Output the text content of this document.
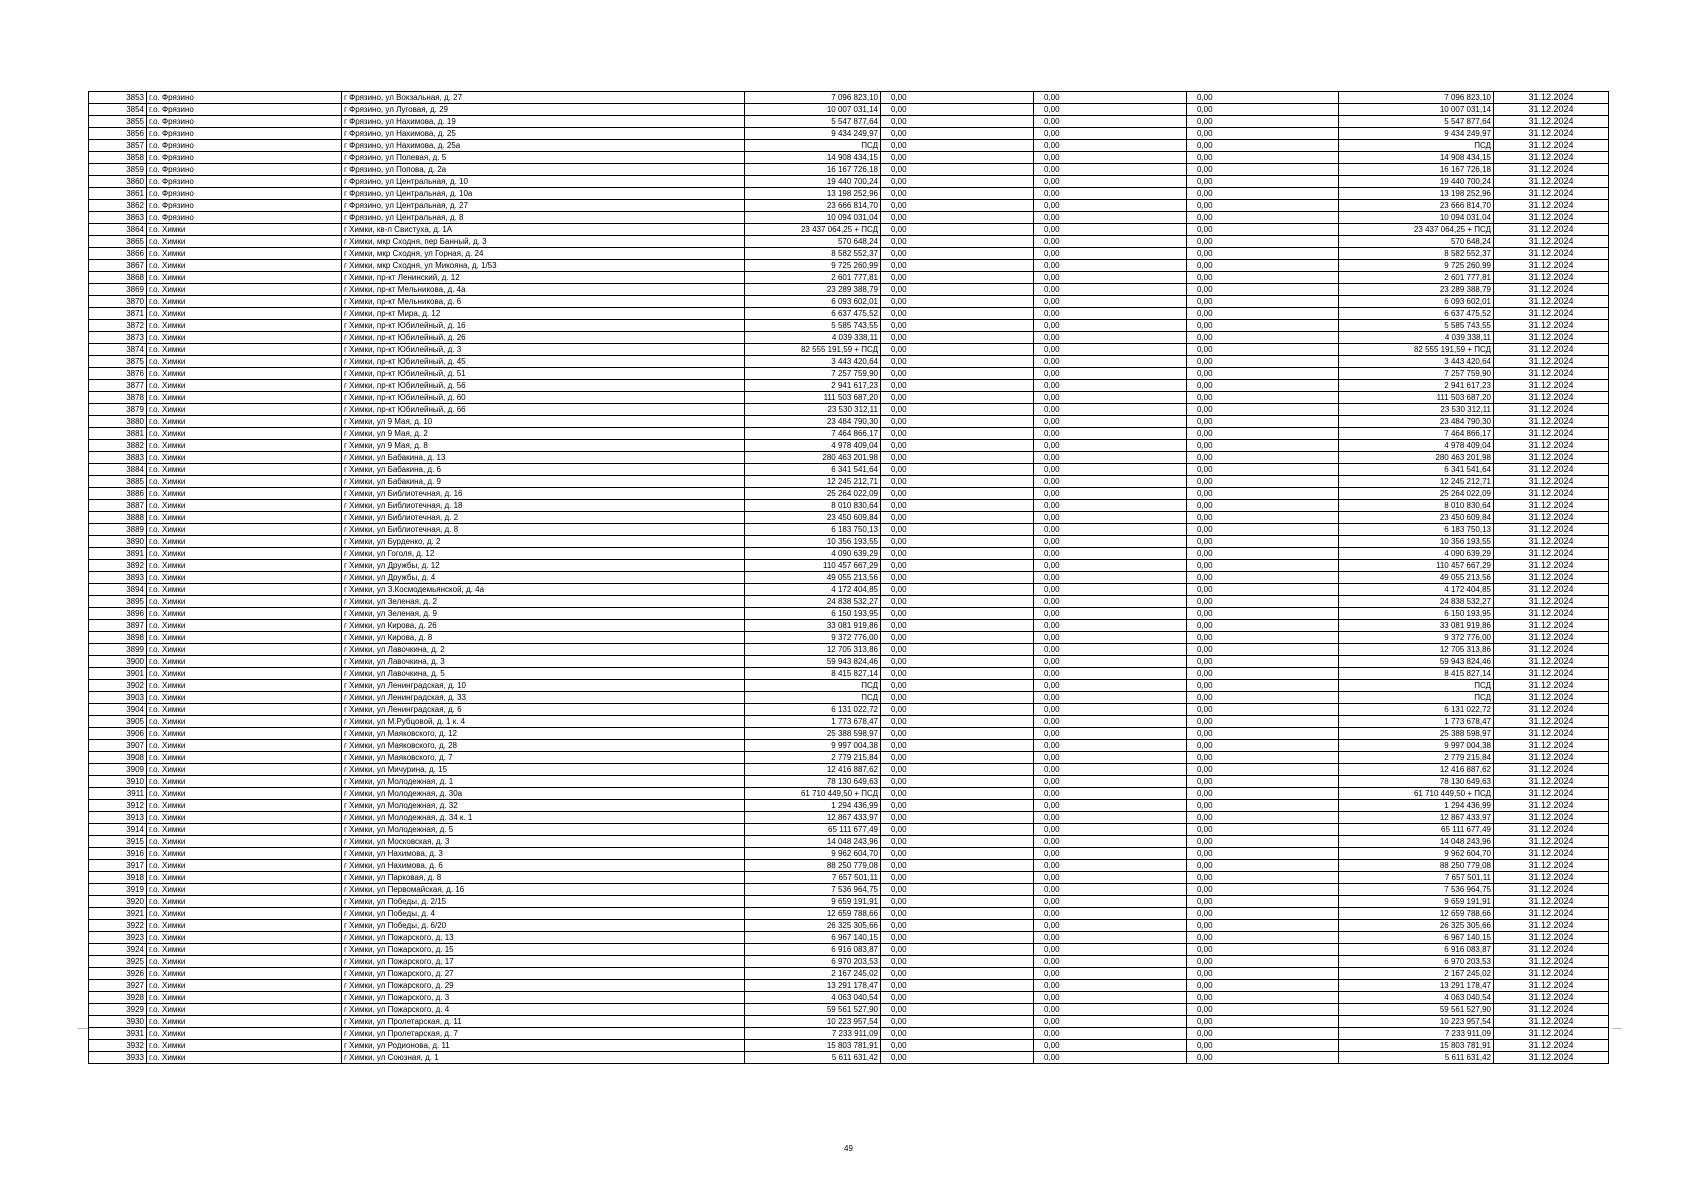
3853	г.о. Фрязино	г Фрязино, ул Вокзальная, д. 27	7 096 823,10	0,00	0,00	0,00	7 096 823,10	31.12.2024
3854	г.о. Фрязино	г Фрязино, ул Луговая, д. 29	10 007 031,14	0,00	0,00	0,00	10 007 031,14	31.12.2024
3855	г.о. Фрязино	г Фрязино, ул Нахимова, д. 19	5 547 877,64	0,00	0,00	0,00	5 547 877,64	31.12.2024
3856	г.о. Фрязино	г Фрязино, ул Нахимова, д. 25	9 434 249,97	0,00	0,00	0,00	9 434 249,97	31.12.2024
3857	г.о. Фрязино	г Фрязино, ул Нахимова, д. 25а	ПСД	0,00	0,00	0,00	ПСД	31.12.2024
3858	г.о. Фрязино	г Фрязино, ул Полевая, д. 5	14 908 434,15	0,00	0,00	0,00	14 908 434,15	31.12.2024
3859	г.о. Фрязино	г Фрязино, ул Попова, д. 2а	16 167 726,18	0,00	0,00	0,00	16 167 726,18	31.12.2024
3860	г.о. Фрязино	г Фрязино, ул Центральная, д. 10	19 440 700,24	0,00	0,00	0,00	19 440 700,24	31.12.2024
3861	г.о. Фрязино	г Фрязино, ул Центральная, д. 10а	13 198 252,96	0,00	0,00	0,00	13 198 252,96	31.12.2024
3862	г.о. Фрязино	г Фрязино, ул Центральная, д. 27	23 666 814,70	0,00	0,00	0,00	23 666 814,70	31.12.2024
3863	г.о. Фрязино	г Фрязино, ул Центральная, д. 8	10 094 031,04	0,00	0,00	0,00	10 094 031,04	31.12.2024
3864	г.о. Химки	г Химки, кв-л Свистуха, д. 1А	23 437 064,25 + ПСД	0,00	0,00	0,00	23 437 064,25 + ПСД	31.12.2024
3865	г.о. Химки	г Химки, мкр Сходня, пер Банный, д. 3	570 648,24	0,00	0,00	0,00	570 648,24	31.12.2024
3866	г.о. Химки	г Химки, мкр Сходня, ул Горная, д. 24	8 582 552,37	0,00	0,00	0,00	8 582 552,37	31.12.2024
3867	г.о. Химки	г Химки, мкр Сходня, ул Микояна, д. 1/53	9 725 260,99	0,00	0,00	0,00	9 725 260,99	31.12.2024
3868	г.о. Химки	г Химки, пр-кт Ленинский, д. 12	2 601 777,81	0,00	0,00	0,00	2 601 777,81	31.12.2024
3869	г.о. Химки	г Химки, пр-кт Мельникова, д. 4а	23 289 388,79	0,00	0,00	0,00	23 289 388,79	31.12.2024
3870	г.о. Химки	г Химки, пр-кт Мельникова, д. 6	6 093 602,01	0,00	0,00	0,00	6 093 602,01	31.12.2024
3871	г.о. Химки	г Химки, пр-кт Мира, д. 12	6 637 475,52	0,00	0,00	0,00	6 637 475,52	31.12.2024
3872	г.о. Химки	г Химки, пр-кт Юбилейный, д. 16	5 585 743,55	0,00	0,00	0,00	5 585 743,55	31.12.2024
3873	г.о. Химки	г Химки, пр-кт Юбилейный, д. 26	4 039 338,11	0,00	0,00	0,00	4 039 338,11	31.12.2024
3874	г.о. Химки	г Химки, пр-кт Юбилейный, д. 3	82 555 191,59 + ПСД	0,00	0,00	0,00	82 555 191,59 + ПСД	31.12.2024
3875	г.о. Химки	г Химки, пр-кт Юбилейный, д. 45	3 443 420,64	0,00	0,00	0,00	3 443 420,64	31.12.2024
3876	г.о. Химки	г Химки, пр-кт Юбилейный, д. 51	7 257 759,90	0,00	0,00	0,00	7 257 759,90	31.12.2024
3877	г.о. Химки	г Химки, пр-кт Юбилейный, д. 56	2 941 617,23	0,00	0,00	0,00	2 941 617,23	31.12.2024
3878	г.о. Химки	г Химки, пр-кт Юбилейный, д. 60	111 503 687,20	0,00	0,00	0,00	111 503 687,20	31.12.2024
3879	г.о. Химки	г Химки, пр-кт Юбилейный, д. 66	23 530 312,11	0,00	0,00	0,00	23 530 312,11	31.12.2024
3880	г.о. Химки	г Химки, ул 9 Мая, д. 10	23 484 790,30	0,00	0,00	0,00	23 484 790,30	31.12.2024
3881	г.о. Химки	г Химки, ул 9 Мая, д. 2	7 464 866,17	0,00	0,00	0,00	7 464 866,17	31.12.2024
3882	г.о. Химки	г Химки, ул 9 Мая, д. 8	4 978 409,04	0,00	0,00	0,00	4 978 409,04	31.12.2024
3883	г.о. Химки	г Химки, ул Бабакина, д. 13	280 463 201,98	0,00	0,00	0,00	280 463 201,98	31.12.2024
3884	г.о. Химки	г Химки, ул Бабакина, д. 6	6 341 541,64	0,00	0,00	0,00	6 341 541,64	31.12.2024
3885	г.о. Химки	г Химки, ул Бабакина, д. 9	12 245 212,71	0,00	0,00	0,00	12 245 212,71	31.12.2024
3886	г.о. Химки	г Химки, ул Библиотечная, д. 16	25 264 022,09	0,00	0,00	0,00	25 264 022,09	31.12.2024
3887	г.о. Химки	г Химки, ул Библиотечная, д. 18	8 010 830,64	0,00	0,00	0,00	8 010 830,64	31.12.2024
3888	г.о. Химки	г Химки, ул Библиотечная, д. 2	23 450 609,84	0,00	0,00	0,00	23 450 609,84	31.12.2024
3889	г.о. Химки	г Химки, ул Библиотечная, д. 8	6 183 750,13	0,00	0,00	0,00	6 183 750,13	31.12.2024
3890	г.о. Химки	г Химки, ул Бурденко, д. 2	10 356 193,55	0,00	0,00	0,00	10 356 193,55	31.12.2024
3891	г.о. Химки	г Химки, ул Гоголя, д. 12	4 090 639,29	0,00	0,00	0,00	4 090 639,29	31.12.2024
3892	г.о. Химки	г Химки, ул Дружбы, д. 12	110 457 667,29	0,00	0,00	0,00	110 457 667,29	31.12.2024
3893	г.о. Химки	г Химки, ул Дружбы, д. 4	49 055 213,56	0,00	0,00	0,00	49 055 213,56	31.12.2024
3894	г.о. Химки	г Химки, ул З.Космодемьянской, д. 4а	4 172 404,85	0,00	0,00	0,00	4 172 404,85	31.12.2024
3895	г.о. Химки	г Химки, ул Зеленая, д. 2	24 838 532,27	0,00	0,00	0,00	24 838 532,27	31.12.2024
3896	г.о. Химки	г Химки, ул Зеленая, д. 9	6 150 193,95	0,00	0,00	0,00	6 150 193,95	31.12.2024
3897	г.о. Химки	г Химки, ул Кирова, д. 26	33 081 919,86	0,00	0,00	0,00	33 081 919,86	31.12.2024
3898	г.о. Химки	г Химки, ул Кирова, д. 8	9 372 776,00	0,00	0,00	0,00	9 372 776,00	31.12.2024
3899	г.о. Химки	г Химки, ул Лавочкина, д. 2	12 705 313,86	0,00	0,00	0,00	12 705 313,86	31.12.2024
3900	г.о. Химки	г Химки, ул Лавочкина, д. 3	59 943 824,46	0,00	0,00	0,00	59 943 824,46	31.12.2024
3901	г.о. Химки	г Химки, ул Лавочкина, д. 5	8 415 827,14	0,00	0,00	0,00	8 415 827,14	31.12.2024
3902	г.о. Химки	г Химки, ул Ленинградская, д. 10	ПСД	0,00	0,00	0,00	ПСД	31.12.2024
3903	г.о. Химки	г Химки, ул Ленинградская, д. 33	ПСД	0,00	0,00	0,00	ПСД	31.12.2024
3904	г.о. Химки	г Химки, ул Ленинградская, д. 6	6 131 022,72	0,00	0,00	0,00	6 131 022,72	31.12.2024
3905	г.о. Химки	г Химки, ул М.Рубцовой, д. 1 к. 4	1 773 678,47	0,00	0,00	0,00	1 773 678,47	31.12.2024
3906	г.о. Химки	г Химки, ул Маяковского, д. 12	25 388 598,97	0,00	0,00	0,00	25 388 598,97	31.12.2024
3907	г.о. Химки	г Химки, ул Маяковского, д. 28	9 997 004,38	0,00	0,00	0,00	9 997 004,38	31.12.2024
3908	г.о. Химки	г Химки, ул Маяковского, д. 7	2 779 215,84	0,00	0,00	0,00	2 779 215,84	31.12.2024
3909	г.о. Химки	г Химки, ул Мичурина, д. 15	12 416 887,62	0,00	0,00	0,00	12 416 887,62	31.12.2024
3910	г.о. Химки	г Химки, ул Молодежная, д. 1	78 130 649,63	0,00	0,00	0,00	78 130 649,63	31.12.2024
3911	г.о. Химки	г Химки, ул Молодежная, д. 30а	61 710 449,50 + ПСД	0,00	0,00	0,00	61 710 449,50 + ПСД	31.12.2024
3912	г.о. Химки	г Химки, ул Молодежная, д. 32	1 294 436,99	0,00	0,00	0,00	1 294 436,99	31.12.2024
3913	г.о. Химки	г Химки, ул Молодежная, д. 34 к. 1	12 867 433,97	0,00	0,00	0,00	12 867 433,97	31.12.2024
3914	г.о. Химки	г Химки, ул Молодежная, д. 5	65 111 677,49	0,00	0,00	0,00	65 111 677,49	31.12.2024
3915	г.о. Химки	г Химки, ул Московская, д. 3	14 048 243,96	0,00	0,00	0,00	14 048 243,96	31.12.2024
3916	г.о. Химки	г Химки, ул Нахимова, д. 3	9 962 604,70	0,00	0,00	0,00	9 962 604,70	31.12.2024
3917	г.о. Химки	г Химки, ул Нахимова, д. 6	88 250 779,08	0,00	0,00	0,00	88 250 779,08	31.12.2024
3918	г.о. Химки	г Химки, ул Парковая, д. 8	7 657 501,11	0,00	0,00	0,00	7 657 501,11	31.12.2024
3919	г.о. Химки	г Химки, ул Первомайская, д. 16	7 536 964,75	0,00	0,00	0,00	7 536 964,75	31.12.2024
3920	г.о. Химки	г Химки, ул Победы, д. 2/15	9 659 191,91	0,00	0,00	0,00	9 659 191,91	31.12.2024
3921	г.о. Химки	г Химки, ул Победы, д. 4	12 659 788,66	0,00	0,00	0,00	12 659 788,66	31.12.2024
3922	г.о. Химки	г Химки, ул Победы, д. 6/20	26 325 305,66	0,00	0,00	0,00	26 325 305,66	31.12.2024
3923	г.о. Химки	г Химки, ул Пожарского, д. 13	6 967 140,15	0,00	0,00	0,00	6 967 140,15	31.12.2024
3924	г.о. Химки	г Химки, ул Пожарского, д. 15	6 916 083,87	0,00	0,00	0,00	6 916 083,87	31.12.2024
3925	г.о. Химки	г Химки, ул Пожарского, д. 17	6 970 203,53	0,00	0,00	0,00	6 970 203,53	31.12.2024
3926	г.о. Химки	г Химки, ул Пожарского, д. 27	2 167 245,02	0,00	0,00	0,00	2 167 245,02	31.12.2024
3927	г.о. Химки	г Химки, ул Пожарского, д. 29	13 291 178,47	0,00	0,00	0,00	13 291 178,47	31.12.2024
3928	г.о. Химки	г Химки, ул Пожарского, д. 3	4 063 040,54	0,00	0,00	0,00	4 063 040,54	31.12.2024
3929	г.о. Химки	г Химки, ул Пожарского, д. 4	59 561 527,90	0,00	0,00	0,00	59 561 527,90	31.12.2024
3930	г.о. Химки	г Химки, ул Пролетарская, д. 11	10 223 957,54	0,00	0,00	0,00	10 223 957,54	31.12.2024
3931	г.о. Химки	г Химки, ул Пролетарская, д. 7	7 233 911,09	0,00	0,00	0,00	7 233 911,09	31.12.2024
3932	г.о. Химки	г Химки, ул Родионова, д. 11	15 803 781,91	0,00	0,00	0,00	15 803 781,91	31.12.2024
3933	г.о. Химки	г Химки, ул Союзная, д. 1	5 611 631,42	0,00	0,00	0,00	5 611 631,42	31.12.2024
49
